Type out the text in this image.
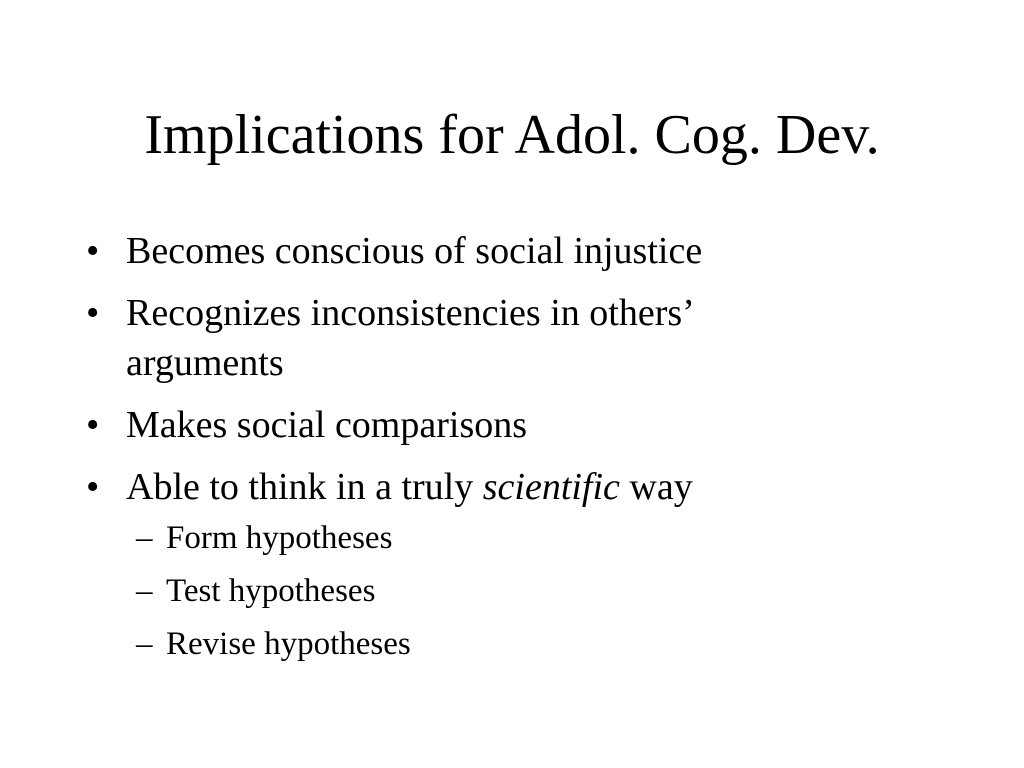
Implications for Adol. Cog. Dev.
• Becomes conscious of social injustice
• Recognizes inconsistencies in others’
arguments
• Makes social comparisons
• Able to think in a truly scientific way
– Form hypotheses
– Test hypotheses
– Revise hypotheses
